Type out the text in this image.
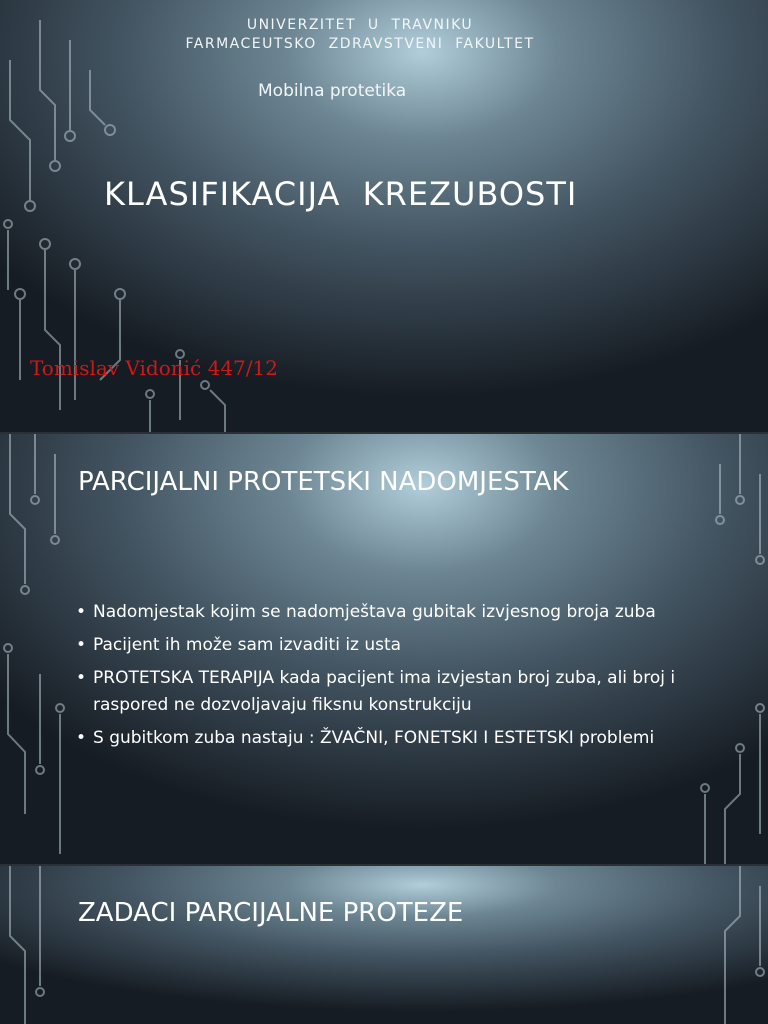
UNIVERZITET  U  TRAVNIKU
FARMACEUTSKO  ZDRAVSTVENI  FAKULTET
Mobilna protetika
KLASIFIKACIJA  KREZUBOSTI
Tomislav Vidonić 447/12
PARCIJALNI PROTETSKI NADOMJESTAK
• Nadomjestak kojim se nadomještava gubitak izvjesnog broja zuba
• Pacijent ih može sam izvaditi iz usta
• PROTETSKA TERAPIJA kada pacijent ima izvjestan broj zuba, ali broj i raspored ne dozvoljavaju fiksnu konstrukciju
• S gubitkom zuba nastaju : ŽVAČNI, FONETSKI I ESTETSKI problemi
ZADACI PARCIJALNE PROTEZE
